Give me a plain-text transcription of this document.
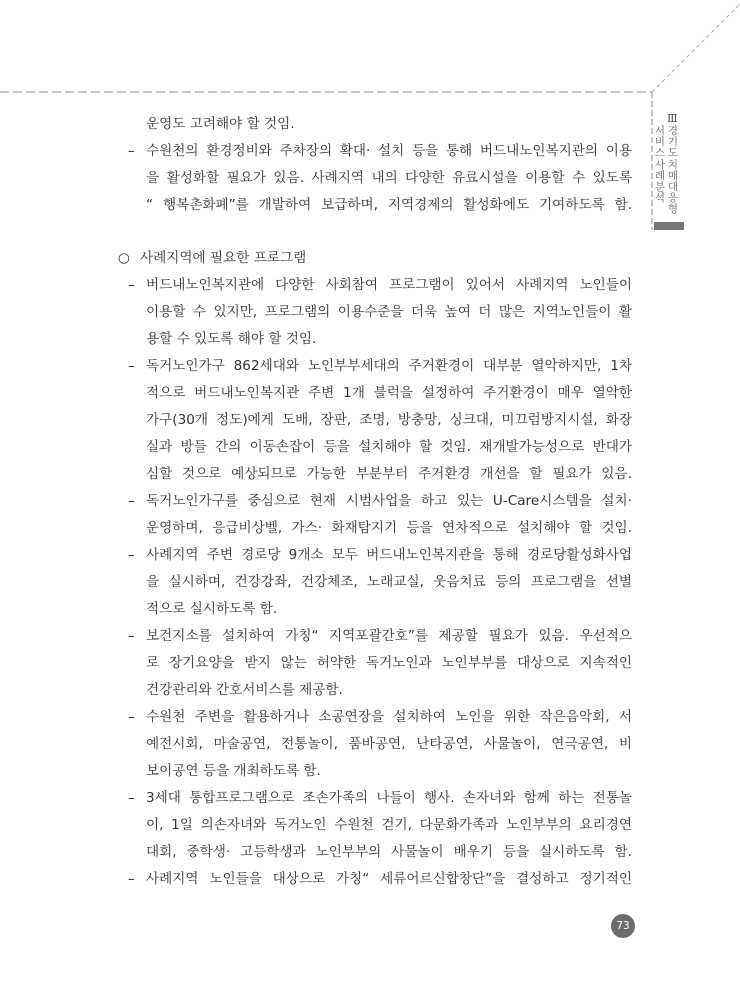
Ⅲ
서비스사례분석
경기도치매대응형
운영도 고려해야 할 것임.
– 수원천의 환경정비와 주차장의 확대· 설치 등을 통해 버드내노인복지관의 이용
을 활성화할 필요가 있음. 사례지역 내의 다양한 유료시설을 이용할 수 있도록
“ 행복촌화폐”를 개발하여 보급하며, 지역경제의 활성화에도 기여하도록 함.
○ 사례지역에 필요한 프로그램
– 버드내노인복지관에 다양한 사회참여 프로그램이 있어서 사례지역 노인들이
이용할 수 있지만, 프로그램의 이용수준을 더욱 높여 더 많은 지역노인들이 활
용할 수 있도록 해야 할 것임.
– 독거노인가구 862세대와 노인부부세대의 주거환경이 대부분 열악하지만, 1차
적으로 버드내노인복지관 주변 1개 블럭을 설정하여 주거환경이 매우 열악한
가구(30개 정도)에게 도배, 장판, 조명, 방충망, 싱크대, 미끄럼방지시설, 화장
실과 방들 간의 이동손잡이 등을 설치해야 할 것임. 재개발가능성으로 반대가
심할 것으로 예상되므로 가능한 부분부터 주거환경 개선을 할 필요가 있음.
– 독거노인가구를 중심으로 현재 시범사업을 하고 있는 U-Care시스템을 설치·
운영하며, 응급비상벨, 가스· 화재탐지기 등을 연차적으로 설치해야 할 것임.
– 사례지역 주변 경로당 9개소 모두 버드내노인복지관을 통해 경로당활성화사업
을 실시하며, 건강강좌, 건강체조, 노래교실, 웃음치료 등의 프로그램을 선별
적으로 실시하도록 함.
– 보건지소를 설치하여 가칭“ 지역포괄간호”를 제공할 필요가 있음. 우선적으
로 장기요양을 받지 않는 허약한 독거노인과 노인부부를 대상으로 지속적인
건강관리와 간호서비스를 제공함.
– 수원천 주변을 활용하거나 소공연장을 설치하여 노인을 위한 작은음악회, 서
예전시회, 마술공연, 전통놀이, 품바공연, 난타공연, 사물놀이, 연극공연, 비
보이공연 등을 개최하도록 함.
– 3세대 통합프로그램으로 조손가족의 나들이 행사. 손자녀와 함께 하는 전통놀
이, 1일 의손자녀와 독거노인 수원천 걷기, 다문화가족과 노인부부의 요리경연
대회, 중학생· 고등학생과 노인부부의 사물놀이 배우기 등을 실시하도록 함.
– 사례지역 노인들을 대상으로 가칭“ 세류어르신합창단”을 결성하고 정기적인
73
